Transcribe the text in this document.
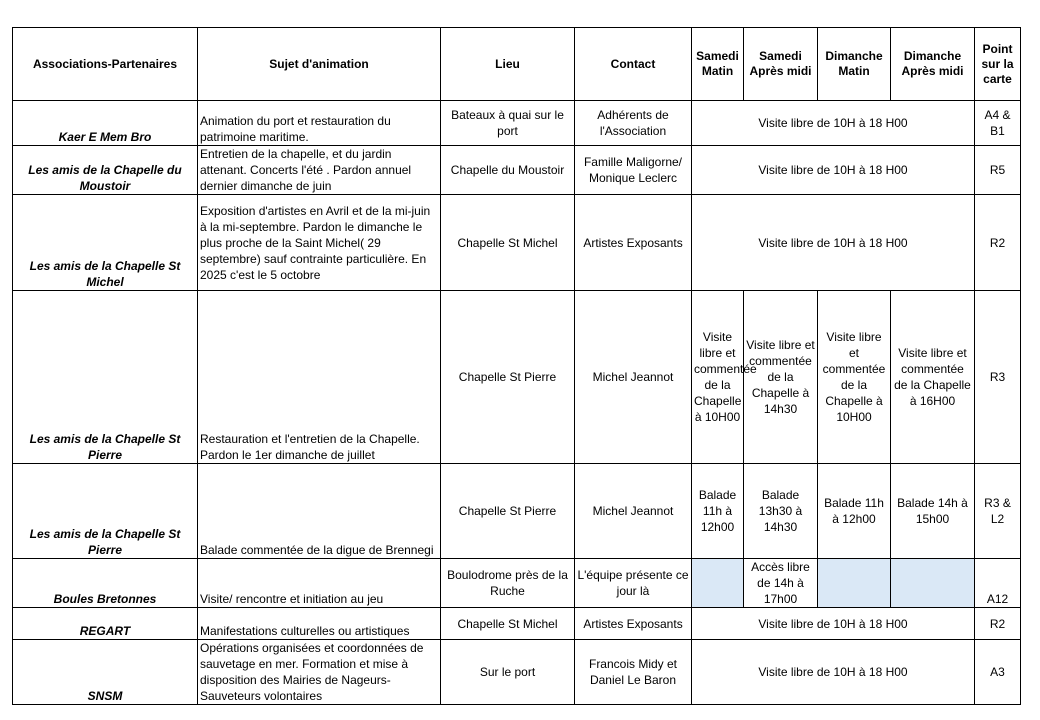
Associations-Partenaires	Sujet d'animation	Lieu	Contact	Samedi Matin	Samedi Après midi	Dimanche Matin	Dimanche Après midi	Point sur la carte
Kaer E Mem Bro	Animation du port et restauration du patrimoine maritime.	Bateaux à quai sur le port	Adhérents de l'Association	Visite libre de 10H à 18 H00				A4 & B1
Les amis de la Chapelle du Moustoir	Entretien de la chapelle, et du jardin attenant. Concerts l'été . Pardon annuel dernier dimanche de juin	Chapelle du Moustoir	Famille Maligorne/ Monique Leclerc	Visite libre de 10H à 18 H00				R5
Les amis de la Chapelle St Michel	Exposition d'artistes en Avril et de la mi-juin à la mi-septembre. Pardon le dimanche le plus proche de la Saint Michel( 29 septembre) sauf contrainte particulière. En 2025 c'est le 5 octobre	Chapelle St Michel	Artistes Exposants	Visite libre de 10H à 18 H00				R2
Les amis de la Chapelle St Pierre	Restauration et l'entretien de la Chapelle. Pardon le 1er dimanche de juillet	Chapelle St Pierre	Michel Jeannot	Visite libre et commentée de la Chapelle à 10H00	Visite libre et commentée de la Chapelle à 14h30	Visite libre et commentée de la Chapelle à 10H00	Visite libre et commentée de la Chapelle à 16H00	R3
Les amis de la Chapelle St Pierre	Balade commentée de la digue de Brennegi	Chapelle St Pierre	Michel Jeannot	Balade 11h à 12h00	Balade 13h30 à 14h30	Balade 11h à 12h00	Balade 14h à 15h00	R3 & L2
Boules Bretonnes	Visite/ rencontre et initiation au jeu	Boulodrome près de la Ruche	L'équipe présente ce jour là		Accès libre de 14h à 17h00			A12
REGART	Manifestations culturelles ou artistiques	Chapelle St Michel	Artistes Exposants	Visite libre de 10H à 18 H00				R2
SNSM	Opérations organisées et coordonnées de sauvetage en mer. Formation et mise à disposition des Mairies de Nageurs-Sauveteurs volontaires	Sur le port	Francois Midy et Daniel Le Baron	Visite libre de 10H à 18 H00				A3
